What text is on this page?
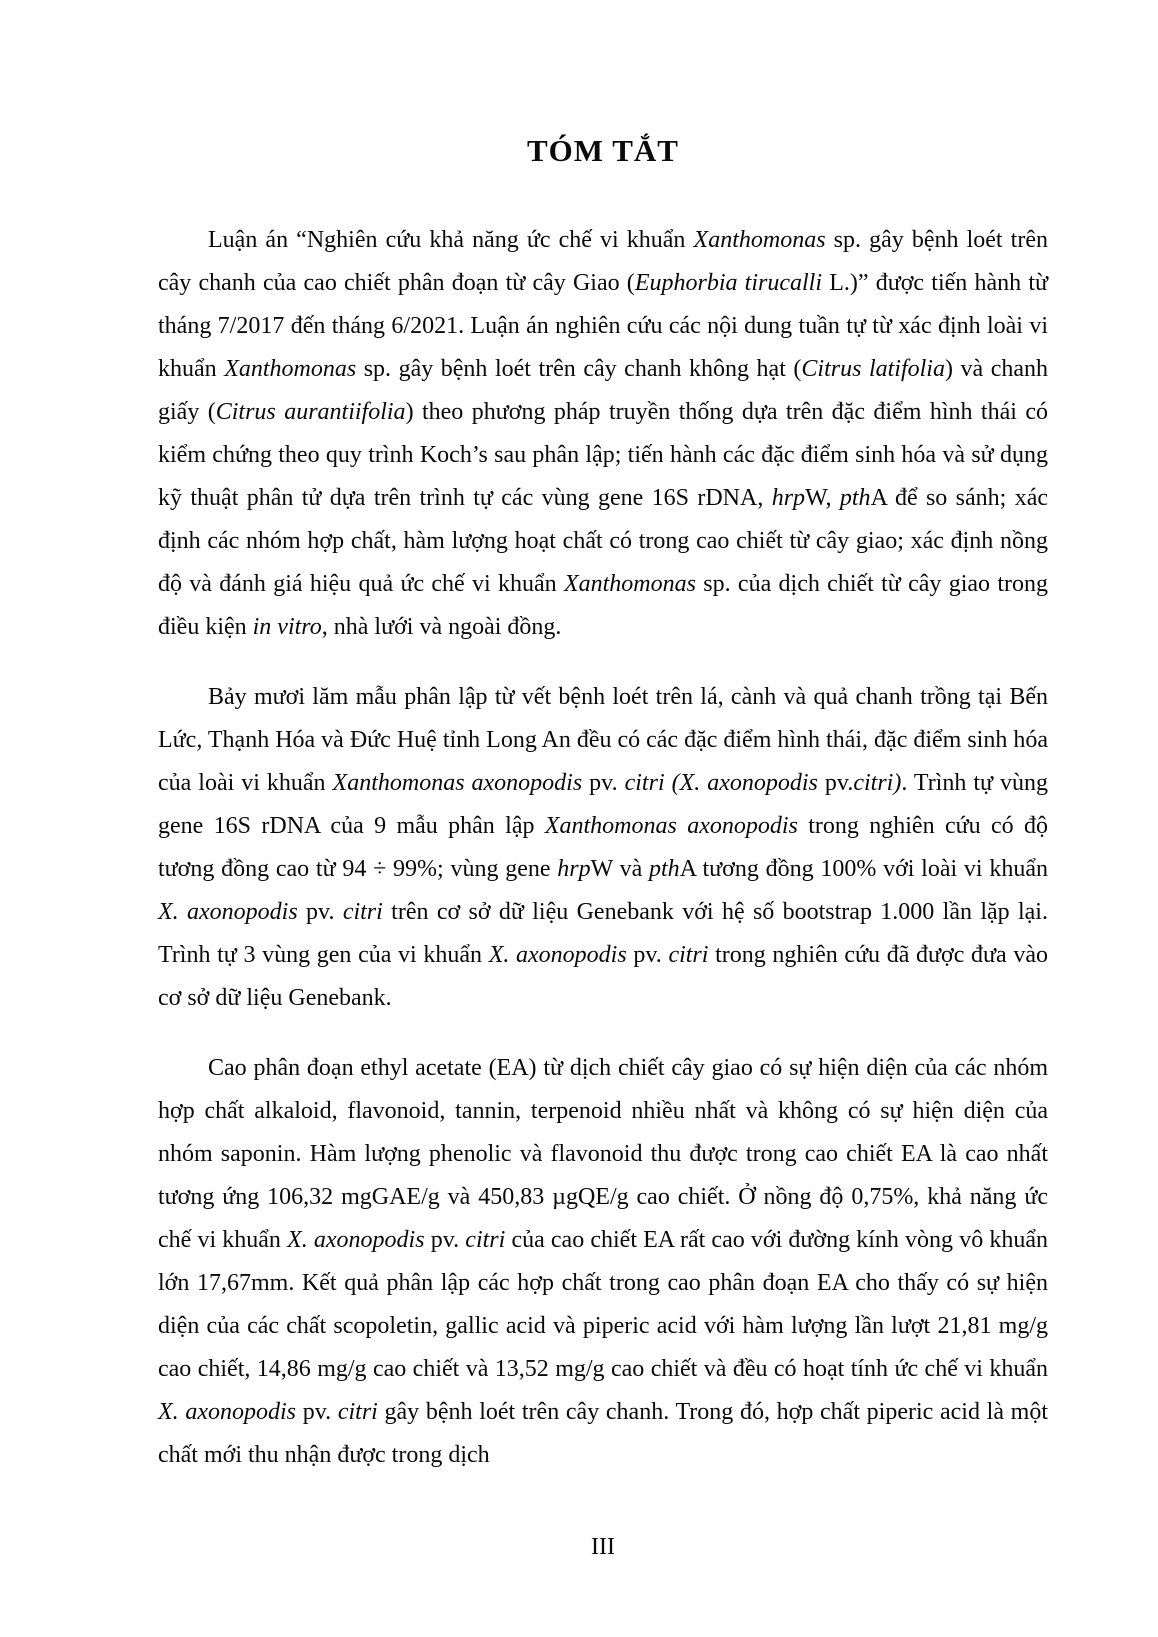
TÓM TẮT

Luận án “Nghiên cứu khả năng ức chế vi khuẩn Xanthomonas sp. gây bệnh loét trên cây chanh của cao chiết phân đoạn từ cây Giao (Euphorbia tirucalli L.)” được tiến hành từ tháng 7/2017 đến tháng 6/2021. Luận án nghiên cứu các nội dung tuần tự từ xác định loài vi khuẩn Xanthomonas sp. gây bệnh loét trên cây chanh không hạt (Citrus latifolia) và chanh giấy (Citrus aurantiifolia) theo phương pháp truyền thống dựa trên đặc điểm hình thái có kiểm chứng theo quy trình Koch’s sau phân lập; tiến hành các đặc điểm sinh hóa và sử dụng kỹ thuật phân tử dựa trên trình tự các vùng gene 16S rDNA, hrpW, pthA để so sánh; xác định các nhóm hợp chất, hàm lượng hoạt chất có trong cao chiết từ cây giao; xác định nồng độ và đánh giá hiệu quả ức chế vi khuẩn Xanthomonas sp. của dịch chiết từ cây giao trong điều kiện in vitro, nhà lưới và ngoài đồng.

Bảy mươi lăm mẫu phân lập từ vết bệnh loét trên lá, cành và quả chanh trồng tại Bến Lức, Thạnh Hóa và Đức Huệ tỉnh Long An đều có các đặc điểm hình thái, đặc điểm sinh hóa của loài vi khuẩn Xanthomonas axonopodis pv. citri (X. axonopodis pv.citri). Trình tự vùng gene 16S rDNA của 9 mẫu phân lập Xanthomonas axonopodis trong nghiên cứu có độ tương đồng cao từ 94 ÷ 99%; vùng gene hrpW và pthA tương đồng 100% với loài vi khuẩn X. axonopodis pv. citri trên cơ sở dữ liệu Genebank với hệ số bootstrap 1.000 lần lặp lại. Trình tự 3 vùng gen của vi khuẩn X. axonopodis pv. citri trong nghiên cứu đã được đưa vào cơ sở dữ liệu Genebank.

Cao phân đoạn ethyl acetate (EA) từ dịch chiết cây giao có sự hiện diện của các nhóm hợp chất alkaloid, flavonoid, tannin, terpenoid nhiều nhất và không có sự hiện diện của nhóm saponin. Hàm lượng phenolic và flavonoid thu được trong cao chiết EA là cao nhất tương ứng 106,32 mgGAE/g và 450,83 µgQE/g cao chiết. Ở nồng độ 0,75%, khả năng ức chế vi khuẩn X. axonopodis pv. citri của cao chiết EA rất cao với đường kính vòng vô khuẩn lớn 17,67mm. Kết quả phân lập các hợp chất trong cao phân đoạn EA cho thấy có sự hiện diện của các chất scopoletin, gallic acid và piperic acid với hàm lượng lần lượt 21,81 mg/g cao chiết, 14,86 mg/g cao chiết và 13,52 mg/g cao chiết và đều có hoạt tính ức chế vi khuẩn X. axonopodis pv. citri gây bệnh loét trên cây chanh. Trong đó, hợp chất piperic acid là một chất mới thu nhận được trong dịch

III
